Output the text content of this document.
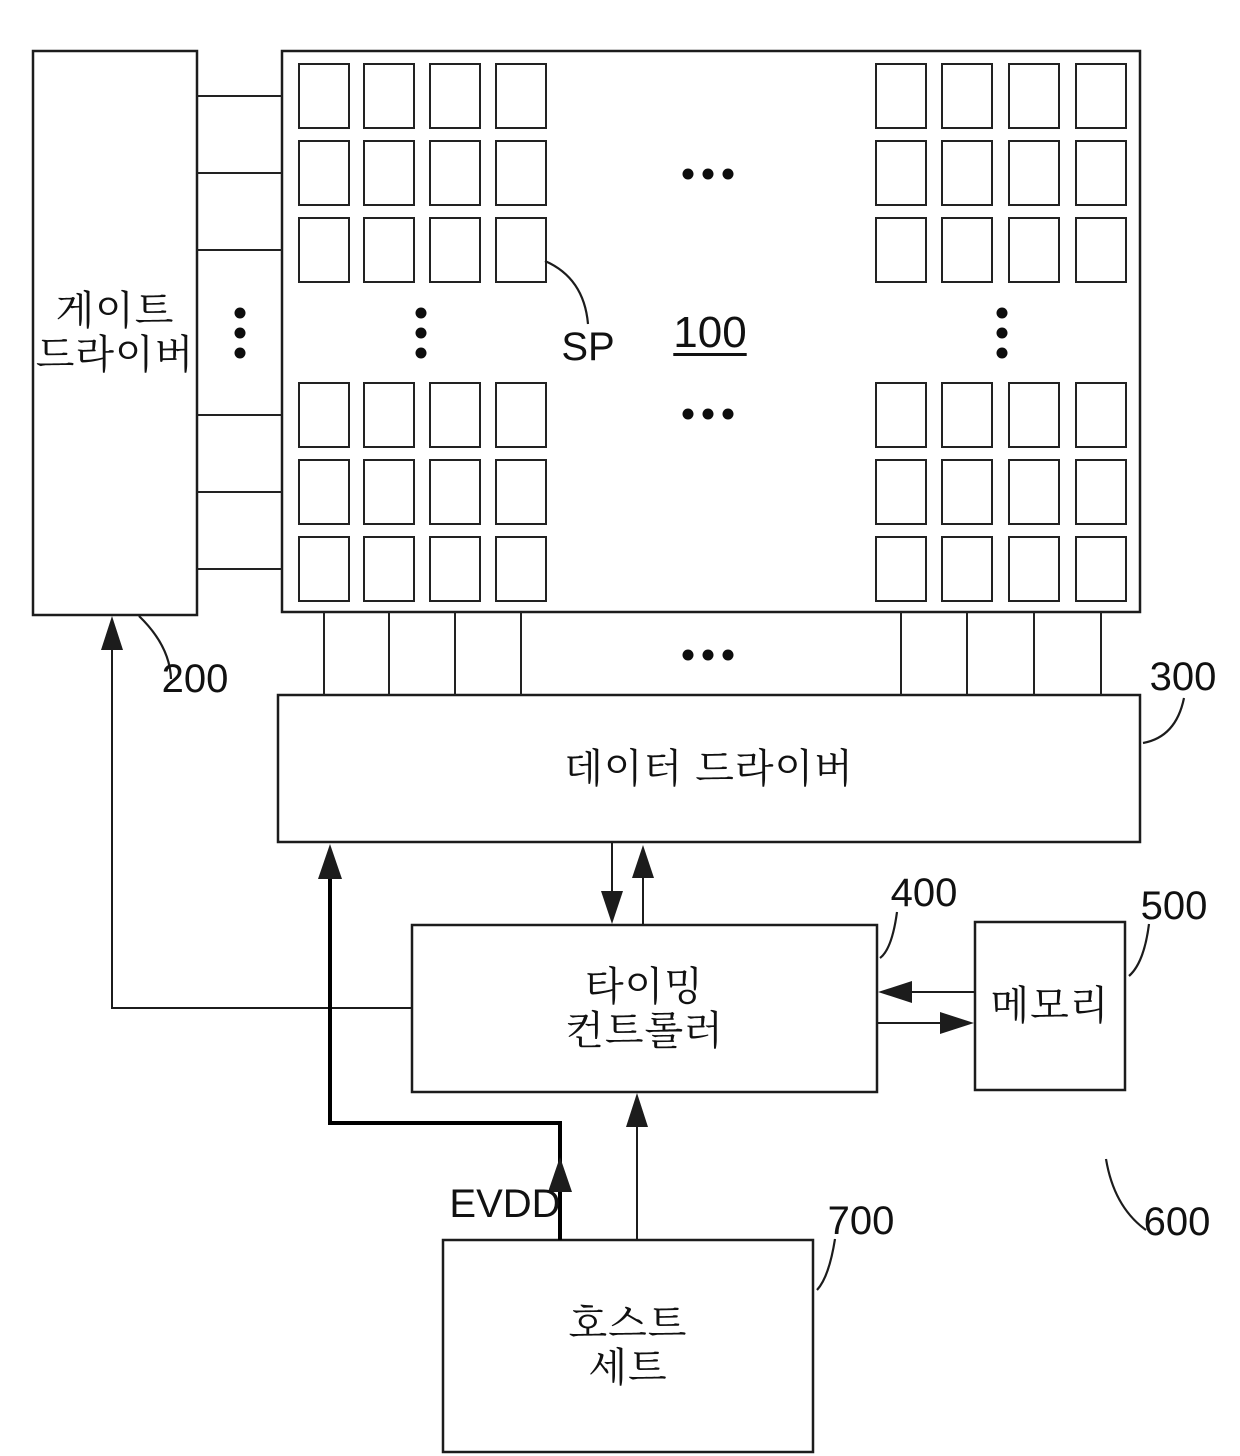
게이트
드라이버	100
SP
데이터 드라이버
타이밍
컨트롤러
메모리
호스트
세트
200	300
400	500
600
700
EVDD
